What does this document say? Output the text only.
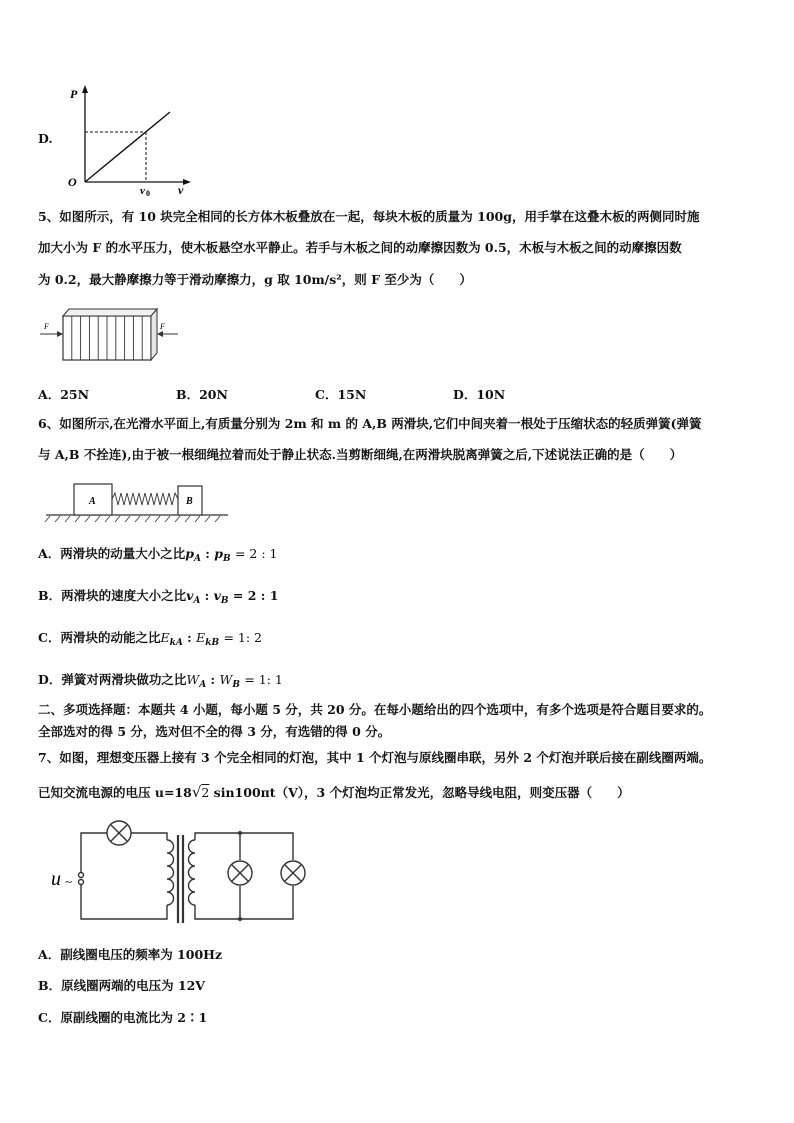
D.
P
O
v 0 v
5、如图所示，有 10 块完全相同的长方体木板叠放在一起，每块木板的质量为 100g，用手掌在这叠木板的两侧同时施
加大小为 F 的水平压力，使木板悬空水平静止。若手与木板之间的动摩擦因数为 0.5，木板与木板之间的动摩擦因数
为 0.2，最大静摩擦力等于滑动摩擦力，g 取 10m/s²，则 F 至少为（　　）
F	F
A．25N	B．20N	C．15N	D．10N
6、如图所示,在光滑水平面上,有质量分别为 2m 和 m 的 A,B 两滑块,它们中间夹着一根处于压缩状态的轻质弹簧(弹簧
与 A,B 不拴连),由于被一根细绳拉着而处于静止状态.当剪断细绳,在两滑块脱离弹簧之后,下述说法正确的是（　　）
A	B
A．两滑块的动量大小之比$p_A$ : $p_B = 2$ : 1
B．两滑块的速度大小之比$v_A$ : $v_B = 2$ : 1
C．两滑块的动能之比$E_{kA}$ : $E_{kB} = 1$: 2
D．弹簧对两滑块做功之比$W_A$ : $W_B = 1$: 1
二、多项选择题：本题共 4 小题，每小题 5 分，共 20 分。在每小题给出的四个选项中，有多个选项是符合题目要求的。
全部选对的得 5 分，选对但不全的得 3 分，有选错的得 0 分。
7、如图，理想变压器上接有 3 个完全相同的灯泡，其中 1 个灯泡与原线圈串联，另外 2 个灯泡并联后接在副线圈两端。
已知交流电源的电压 u=18√2 sin100πt（V），3 个灯泡均正常发光，忽略导线电阻，则变压器（　　）
u ~
A．副线圈电压的频率为 100Hz
B．原线圈两端的电压为 12V
C．原副线圈的电流比为 2∶1
